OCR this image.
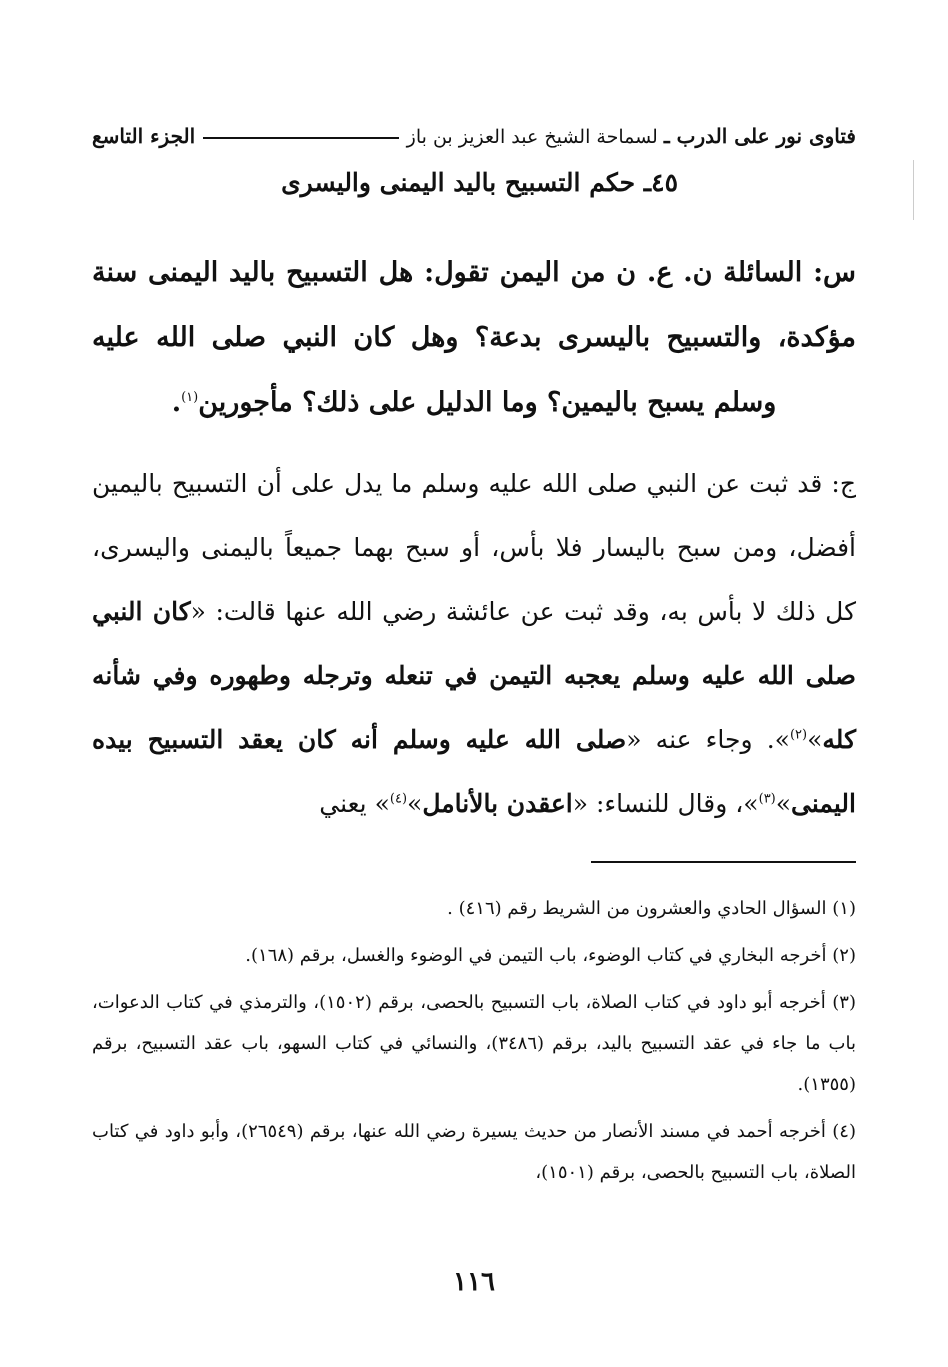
فتاوى نور على الدرب ـ
لسماحة الشيخ عبد العزيز بن باز
الجزء التاسع
٤٥ـ حكم التسبيح باليد اليمنى واليسرى
س: السائلة ن. ع. ن من اليمن تقول: هل التسبيح باليد اليمنى سنة مؤكدة، والتسبيح باليسرى بدعة؟ وهل كان النبي صلى الله عليه وسلم يسبح باليمين؟ وما الدليل على ذلك؟ مأجورين$^{(١)}$.
ج: قد ثبت عن النبي صلى الله عليه وسلم ما يدل على أن التسبيح باليمين أفضل، ومن سبح باليسار فلا بأس، أو سبح بهما جميعاً باليمنى واليسرى، كل ذلك لا بأس به، وقد ثبت عن عائشة رضي الله عنها قالت: «كان النبي صلى الله عليه وسلم يعجبه التيمن في تنعله وترجله وطهوره وفي شأنه كله»$^{(٢)}$». وجاء عنه «صلى الله عليه وسلم أنه كان يعقد التسبيح بيده اليمنى»$^{(٣)}$»، وقال للنساء: «اعقدن بالأنامل»$^{(٤)}$» يعني

(١) السؤال الحادي والعشرون من الشريط رقم (٤١٦) .

(٢) أخرجه البخاري في كتاب الوضوء، باب التيمن في الوضوء والغسل، برقم (١٦٨).

(٣) أخرجه أبو داود في كتاب الصلاة، باب التسبيح بالحصى، برقم (١٥٠٢)، والترمذي في كتاب الدعوات، باب ما جاء في عقد التسبيح باليد، برقم (٣٤٨٦)، والنسائي في كتاب السهو، باب عقد التسبيح، برقم (١٣٥٥).

(٤) أخرجه أحمد في مسند الأنصار من حديث يسيرة رضي الله عنها، برقم (٢٦٥٤٩)، وأبو داود في كتاب الصلاة، باب التسبيح بالحصى، برقم (١٥٠١)،

١١٦
